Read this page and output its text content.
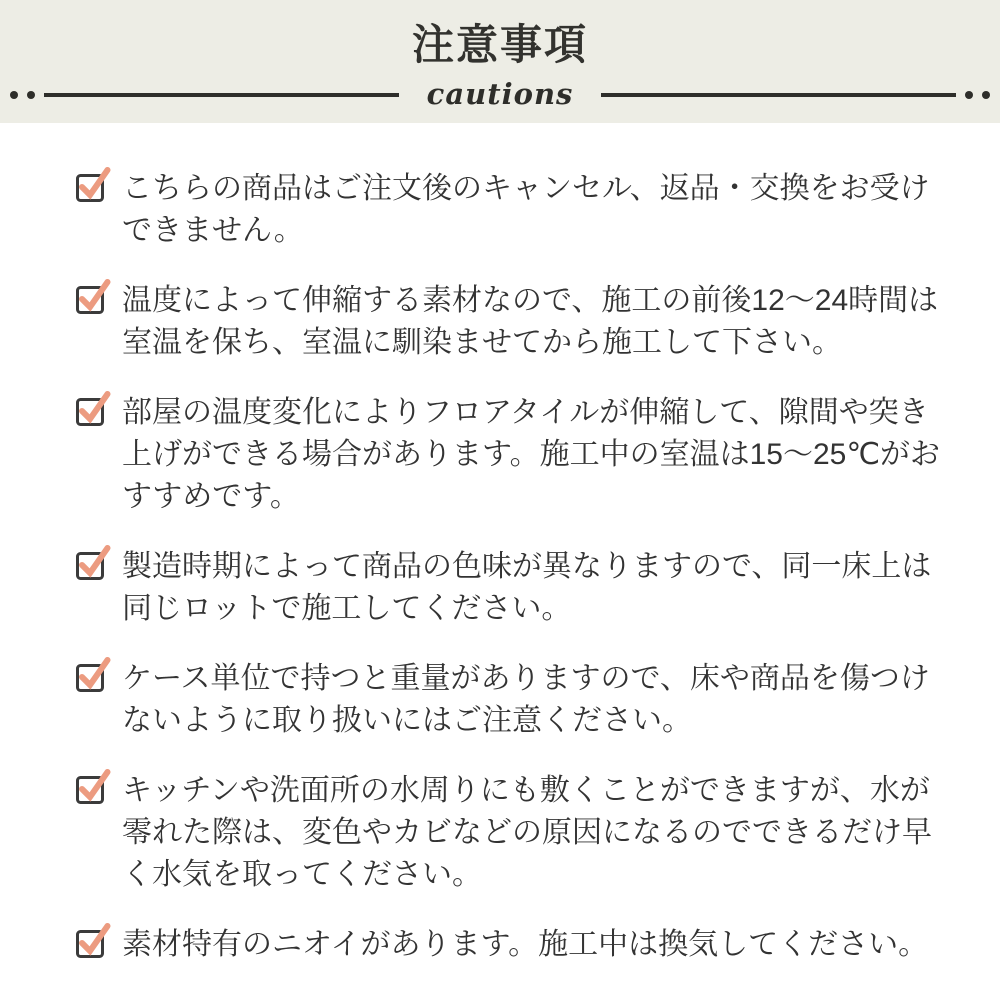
注意事項
cautions

こちらの商品はご注文後のキャンセル、返品・交換をお受けできません。

温度によって伸縮する素材なので、施工の前後12〜24時間は室温を保ち、室温に馴染ませてから施工して下さい。

部屋の温度変化によりフロアタイルが伸縮して、隙間や突き上げができる場合があります。施工中の室温は15〜25℃がおすすめです。

製造時期によって商品の色味が異なりますので、同一床上は同じロットで施工してください。

ケース単位で持つと重量がありますので、床や商品を傷つけないように取り扱いにはご注意ください。

キッチンや洗面所の水周りにも敷くことができますが、水が零れた際は、変色やカビなどの原因になるのでできるだけ早く水気を取ってください。

素材特有のニオイがあります。施工中は換気してください。
